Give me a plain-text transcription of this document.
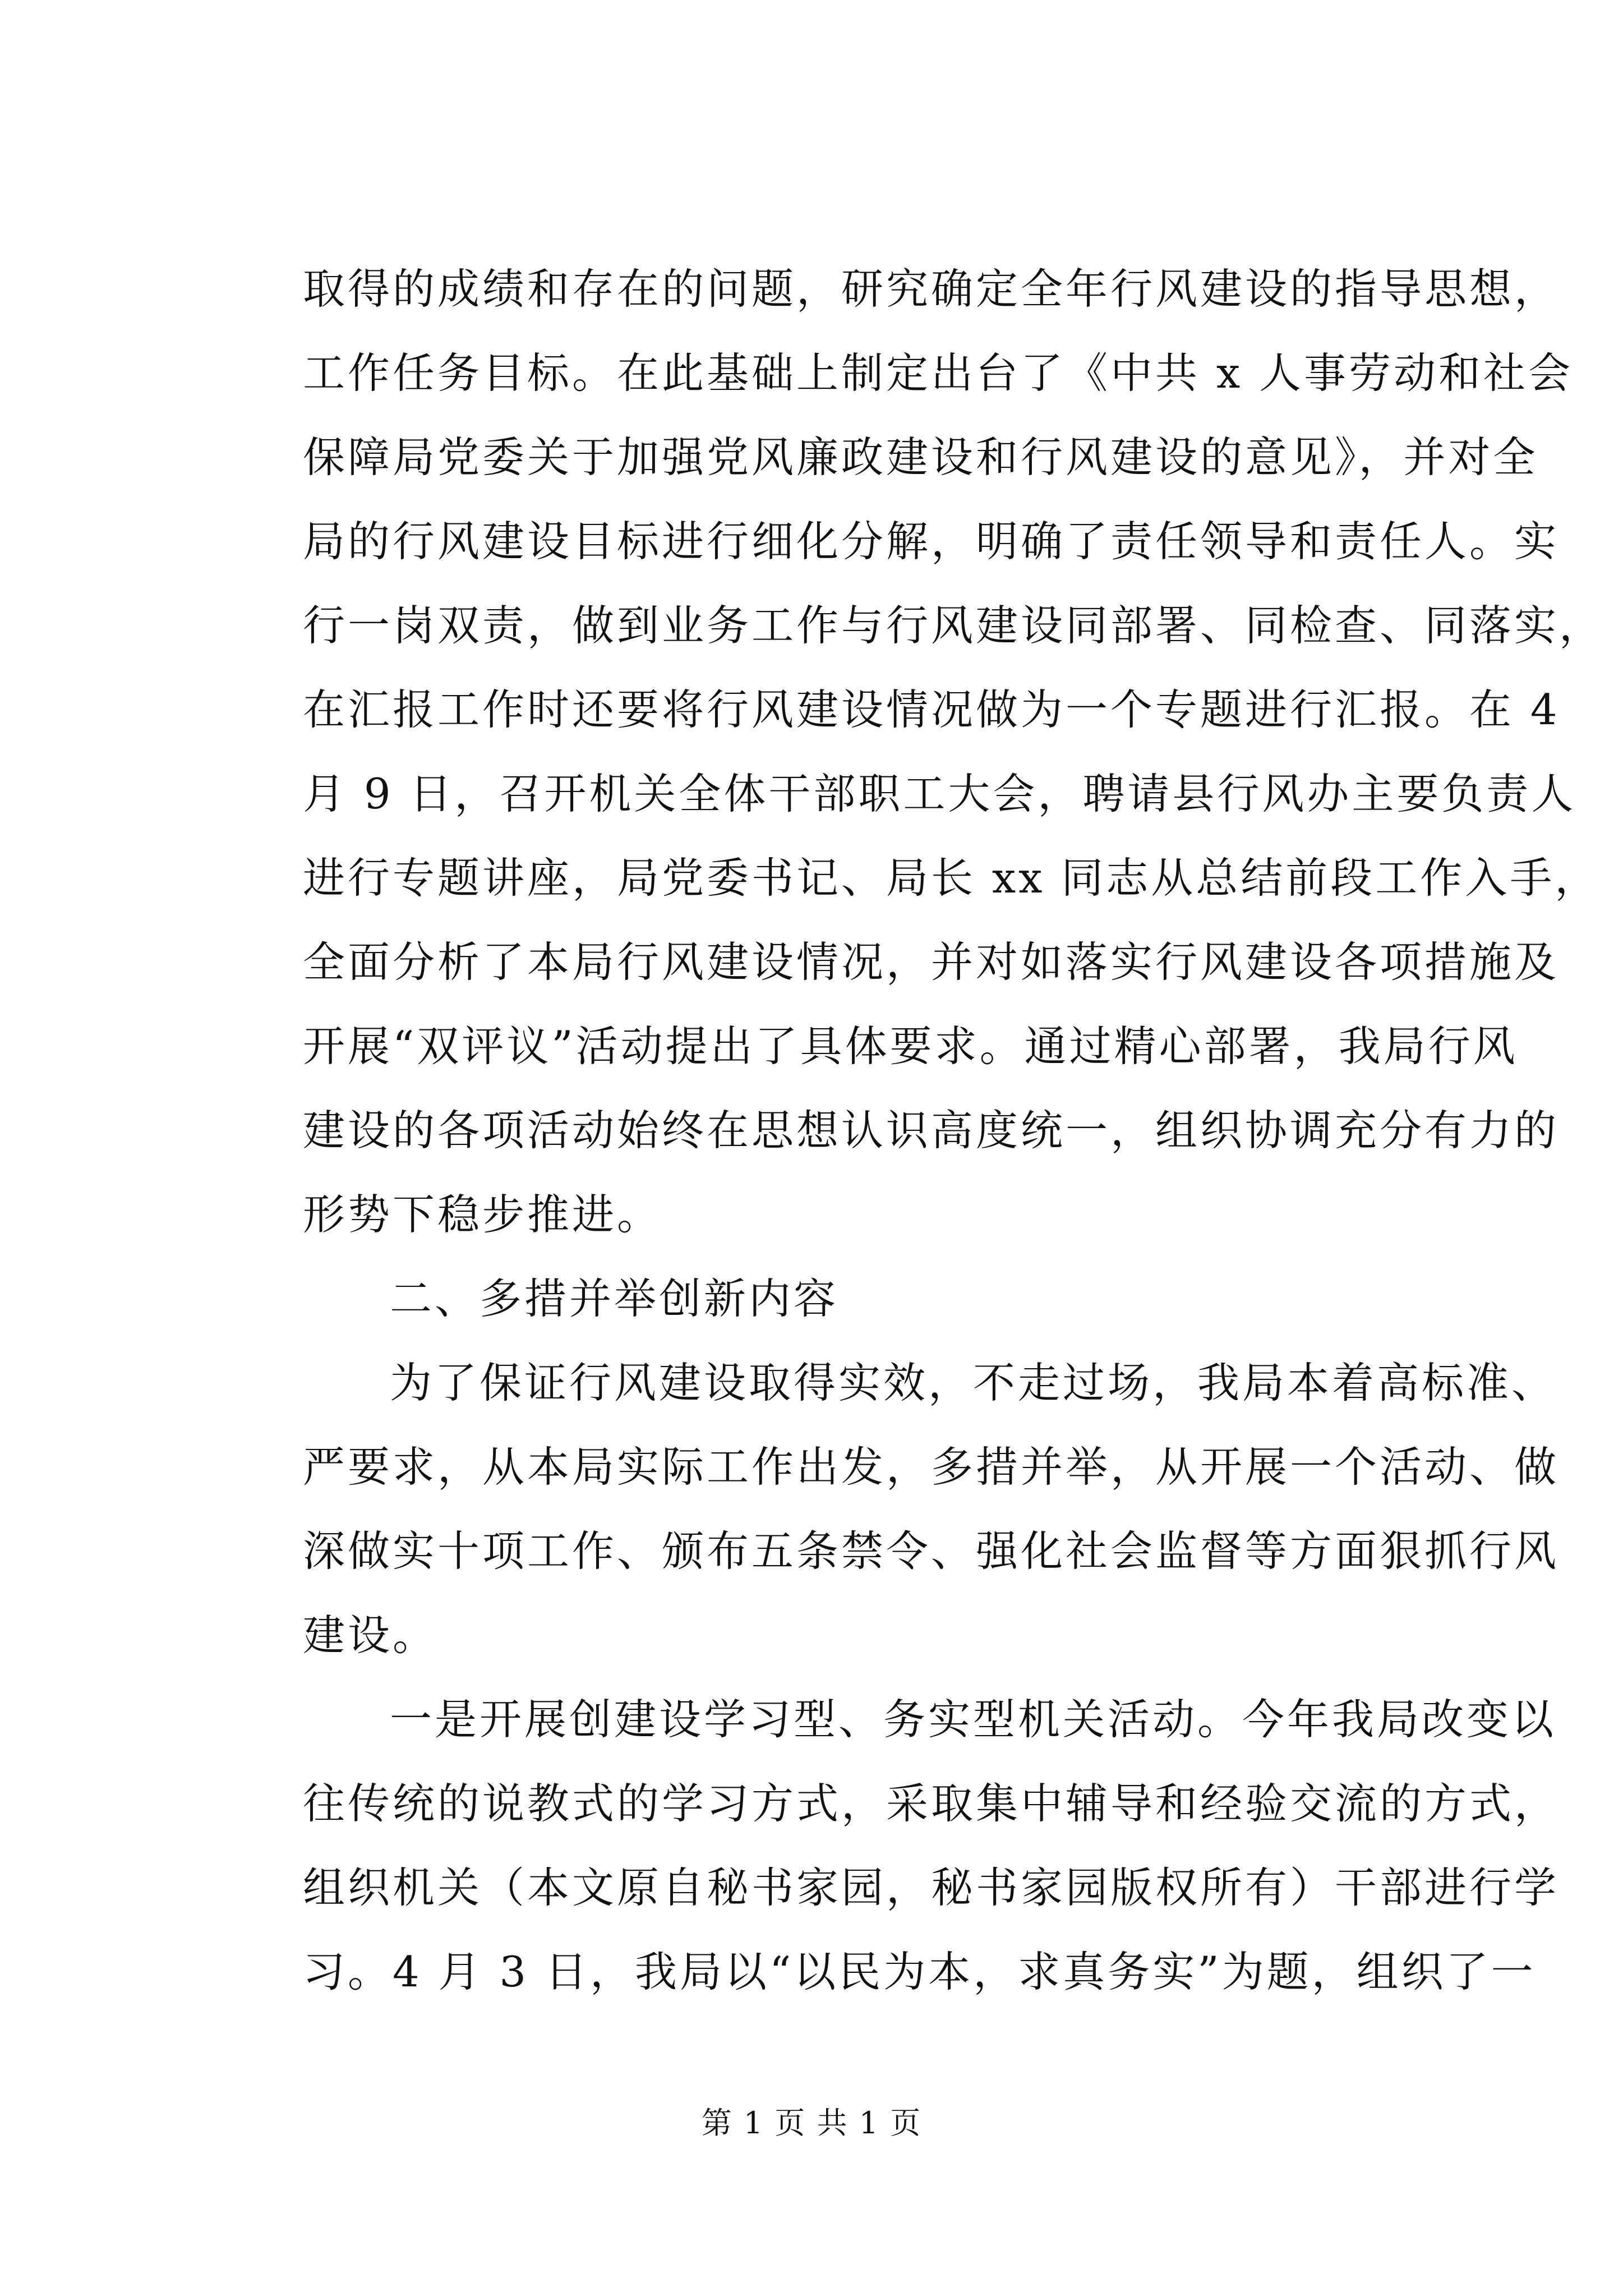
取得的成绩和存在的问题，研究确定全年行风建设的指导思想，
工作任务目标。在此基础上制定出台了《中共 x 人事劳动和社会
保障局党委关于加强党风廉政建设和行风建设的意见》，并对全
局的行风建设目标进行细化分解，明确了责任领导和责任人。实
行一岗双责，做到业务工作与行风建设同部署、同检查、同落实，
在汇报工作时还要将行风建设情况做为一个专题进行汇报。在 4
月 9 日，召开机关全体干部职工大会，聘请县行风办主要负责人
进行专题讲座，局党委书记、局长 xx 同志从总结前段工作入手，
全面分析了本局行风建设情况，并对如落实行风建设各项措施及
开展“双评议”活动提出了具体要求。通过精心部署，我局行风
建设的各项活动始终在思想认识高度统一，组织协调充分有力的
形势下稳步推进。
二、多措并举创新内容
为了保证行风建设取得实效，不走过场，我局本着高标准、
严要求，从本局实际工作出发，多措并举，从开展一个活动、做
深做实十项工作、颁布五条禁令、强化社会监督等方面狠抓行风
建设。
一是开展创建设学习型、务实型机关活动。今年我局改变以
往传统的说教式的学习方式，采取集中辅导和经验交流的方式，
组织机关（本文原自秘书家园，秘书家园版权所有）干部进行学
习。4 月 3 日，我局以“以民为本，求真务实”为题，组织了一
第 1 页 共 1 页
